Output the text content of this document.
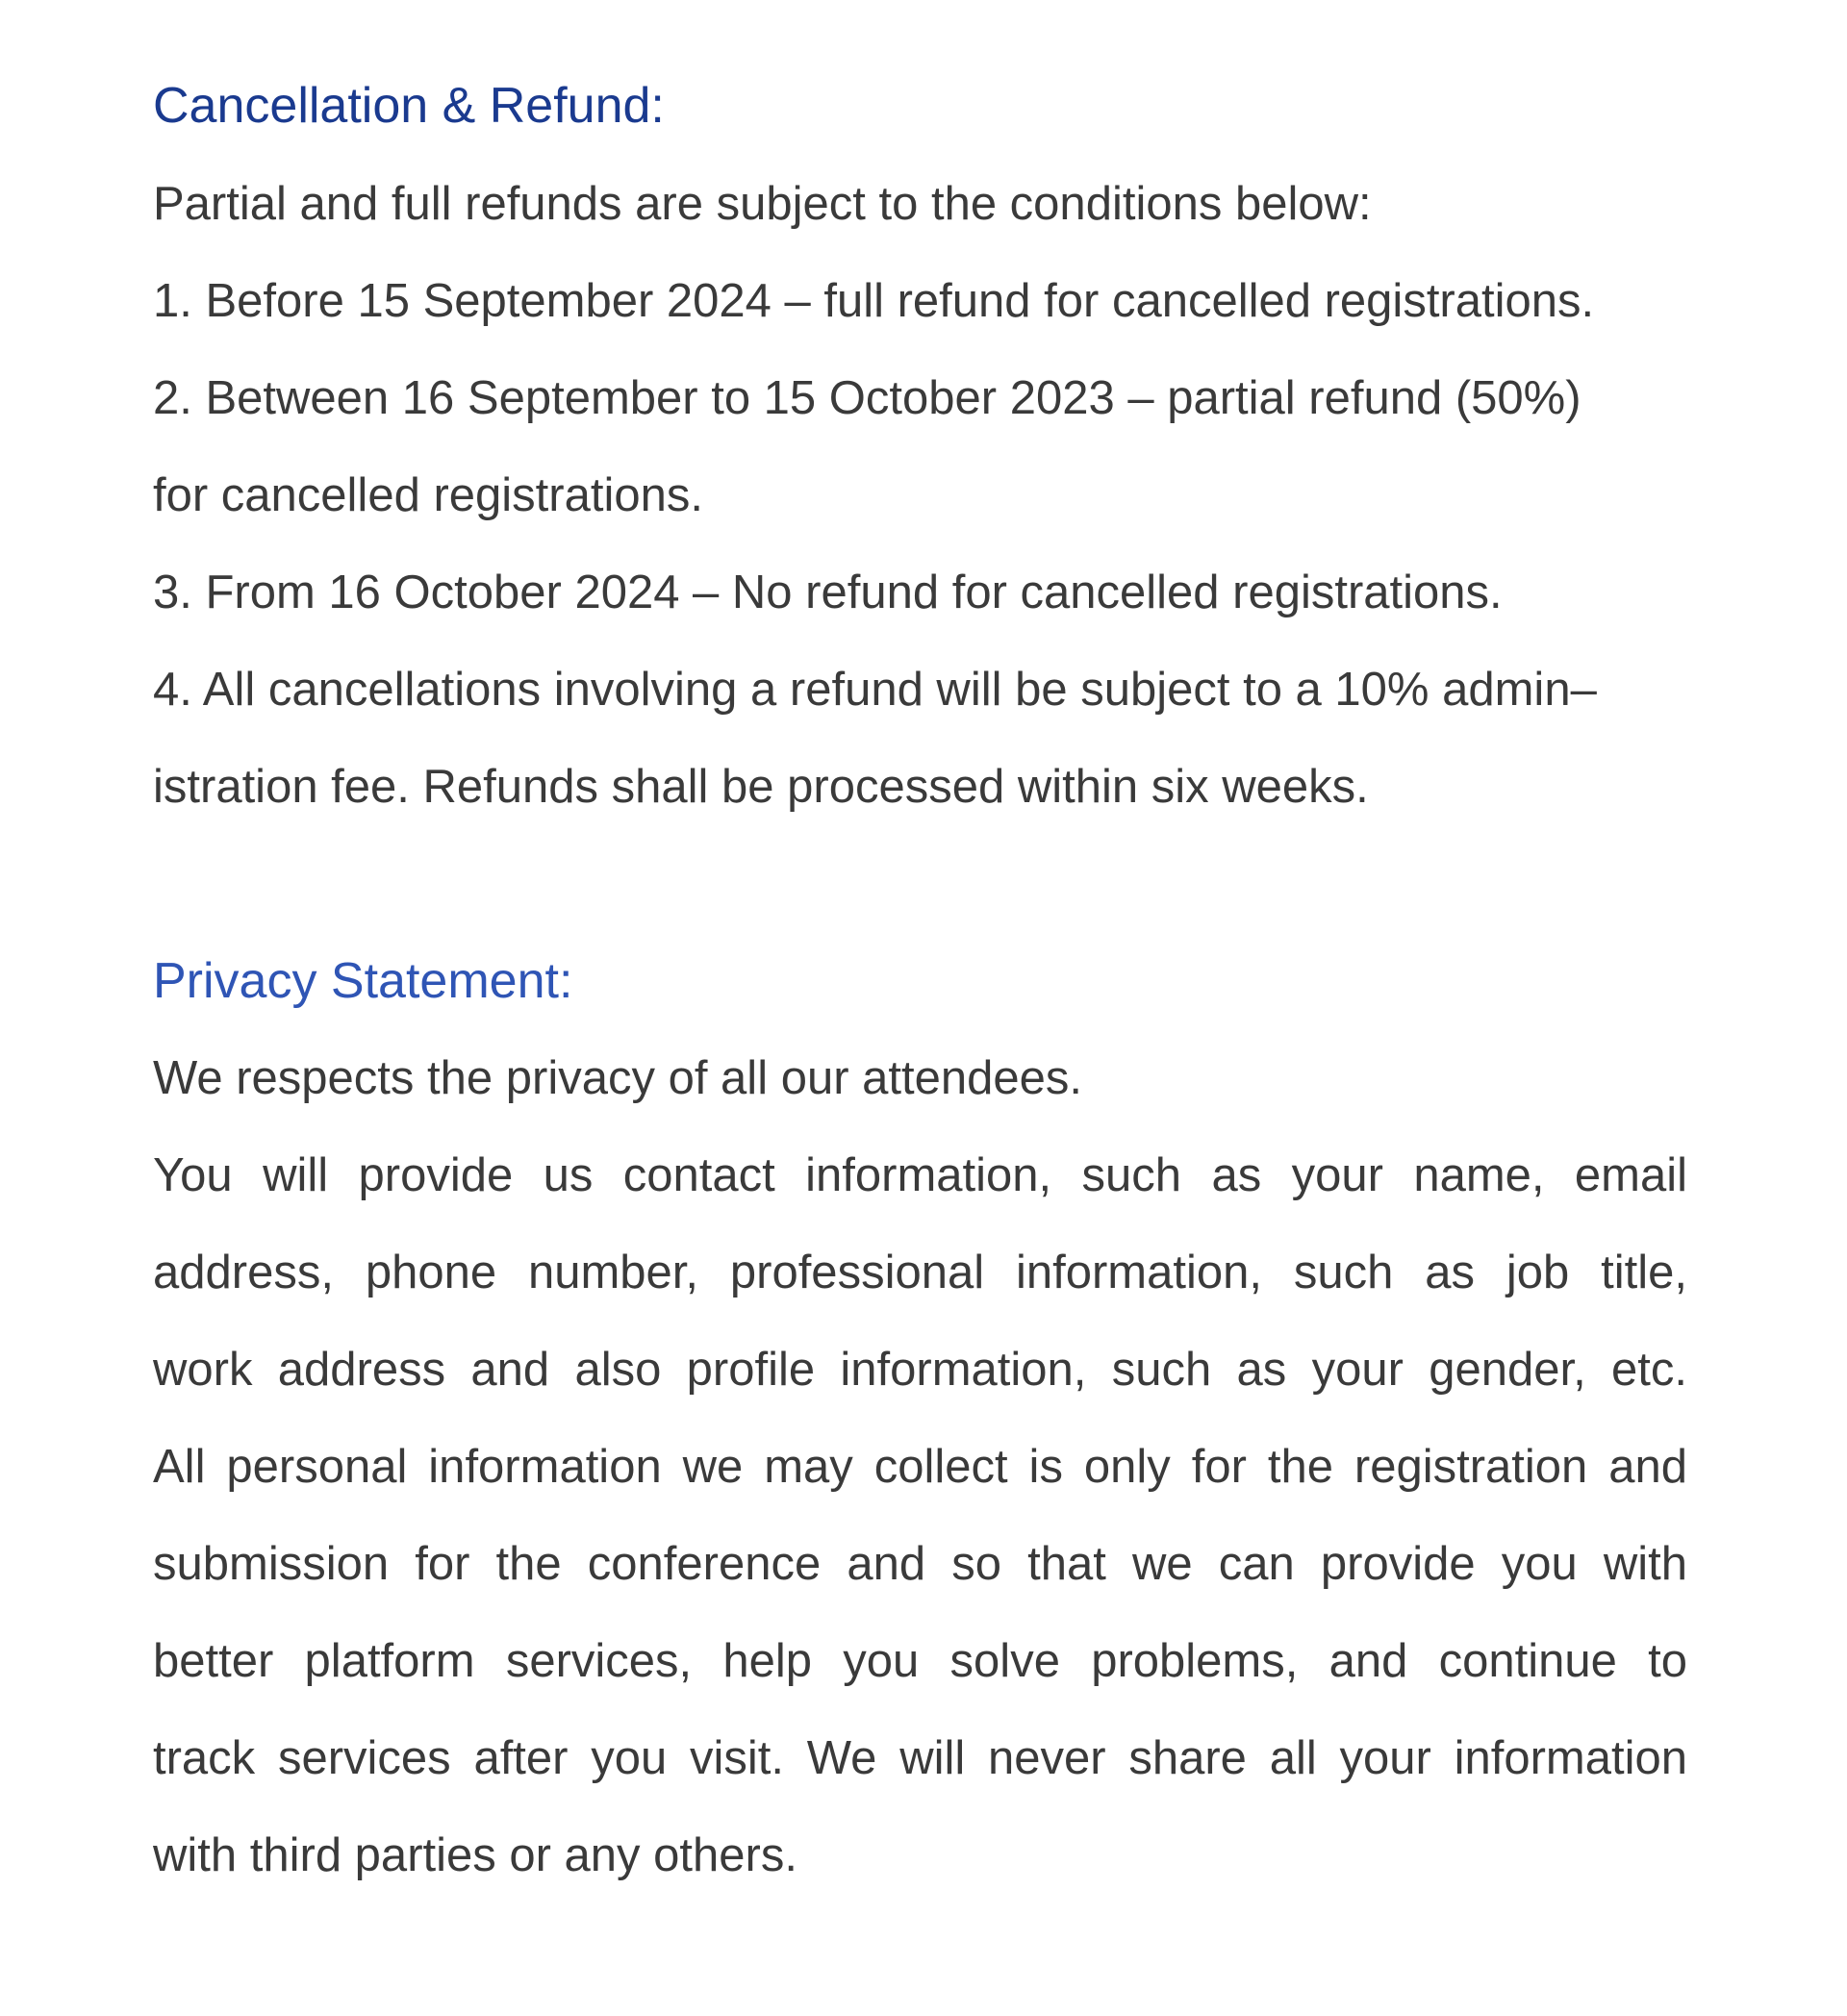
Cancellation & Refund:
Partial and full refunds are subject to the conditions below:
1. Before 15 September 2024 – full refund for cancelled registrations.
2. Between 16 September to 15 October 2023 – partial refund (50%)
for cancelled registrations.
3. From 16 October 2024 – No refund for cancelled registrations.
4. All cancellations involving a refund will be subject to a 10% admin–
istration fee. Refunds shall be processed within six weeks.
Privacy Statement:
We respects the privacy of all our attendees.
You will provide us contact information, such as your name, email
address, phone number, professional information, such as job title,
work address and also profile information, such as your gender, etc.
All personal information we may collect is only for the registration and
submission for the conference and so that we can provide you with
better platform services, help you solve problems, and continue to
track services after you visit. We will never share all your information
with third parties or any others.
